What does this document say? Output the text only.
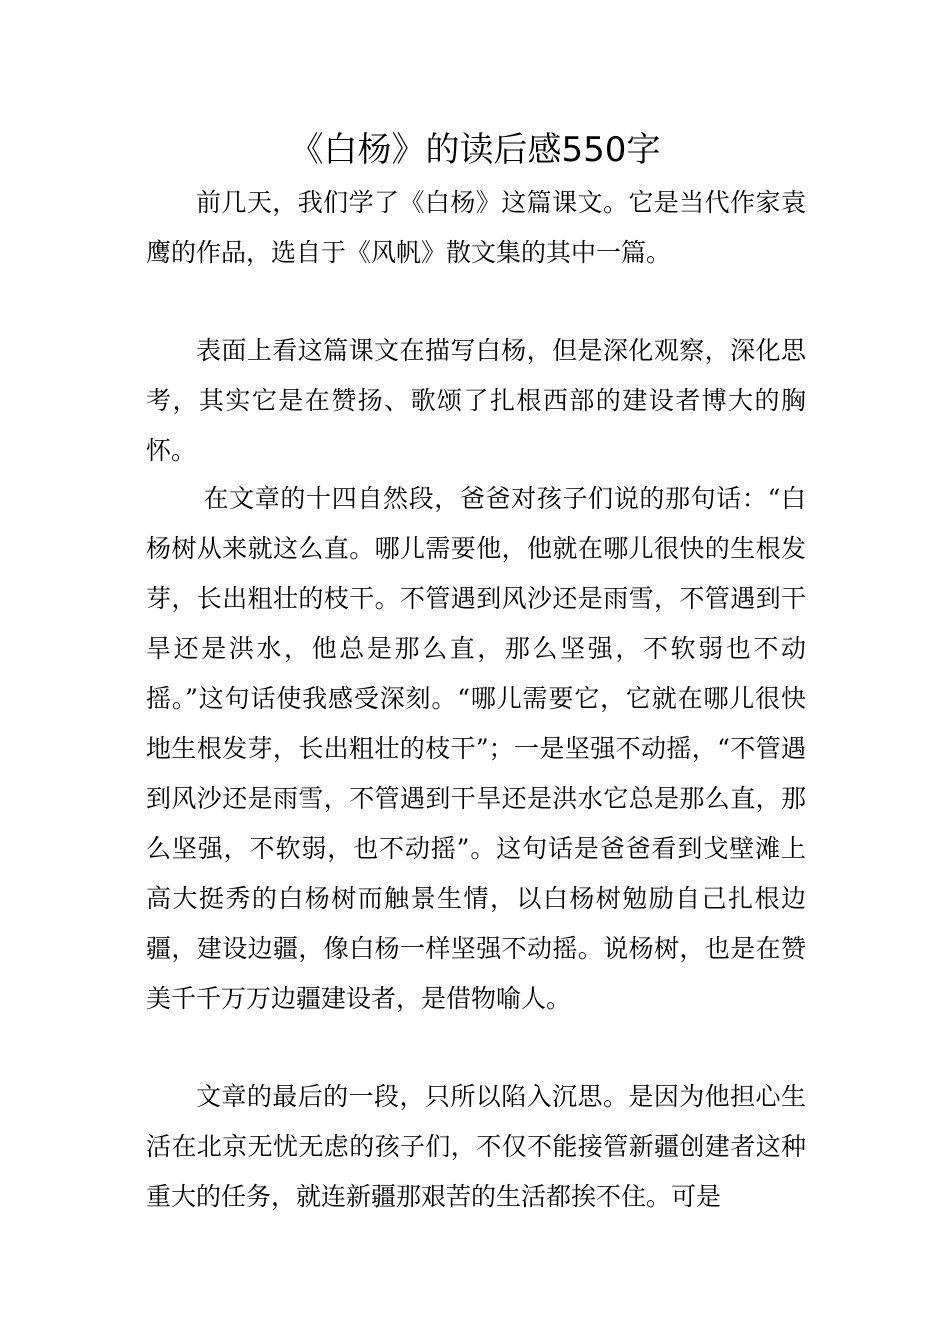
《白杨》的读后感550字

前几天，我们学了《白杨》这篇课文。它是当代作家袁鹰的作品，选自于《风帆》散文集的其中一篇。

表面上看这篇课文在描写白杨，但是深化观察，深化思考，其实它是在赞扬、歌颂了扎根西部的建设者博大的胸怀。

在文章的十四自然段，爸爸对孩子们说的那句话：“白杨树从来就这么直。哪儿需要他，他就在哪儿很快的生根发芽，长出粗壮的枝干。不管遇到风沙还是雨雪，不管遇到干旱还是洪水，他总是那么直，那么坚强，不软弱也不动摇。”这句话使我感受深刻。“哪儿需要它，它就在哪儿很快地生根发芽，长出粗壮的枝干”；一是坚强不动摇，“不管遇到风沙还是雨雪，不管遇到干旱还是洪水它总是那么直，那么坚强，不软弱，也不动摇”。这句话是爸爸看到戈壁滩上高大挺秀的白杨树而触景生情，以白杨树勉励自己扎根边疆，建设边疆，像白杨一样坚强不动摇。说杨树，也是在赞美千千万万边疆建设者，是借物喻人。

文章的最后的一段，只所以陷入沉思。是因为他担心生活在北京无忧无虑的孩子们，不仅不能接管新疆创建者这种重大的任务，就连新疆那艰苦的生活都挨不住。可是
